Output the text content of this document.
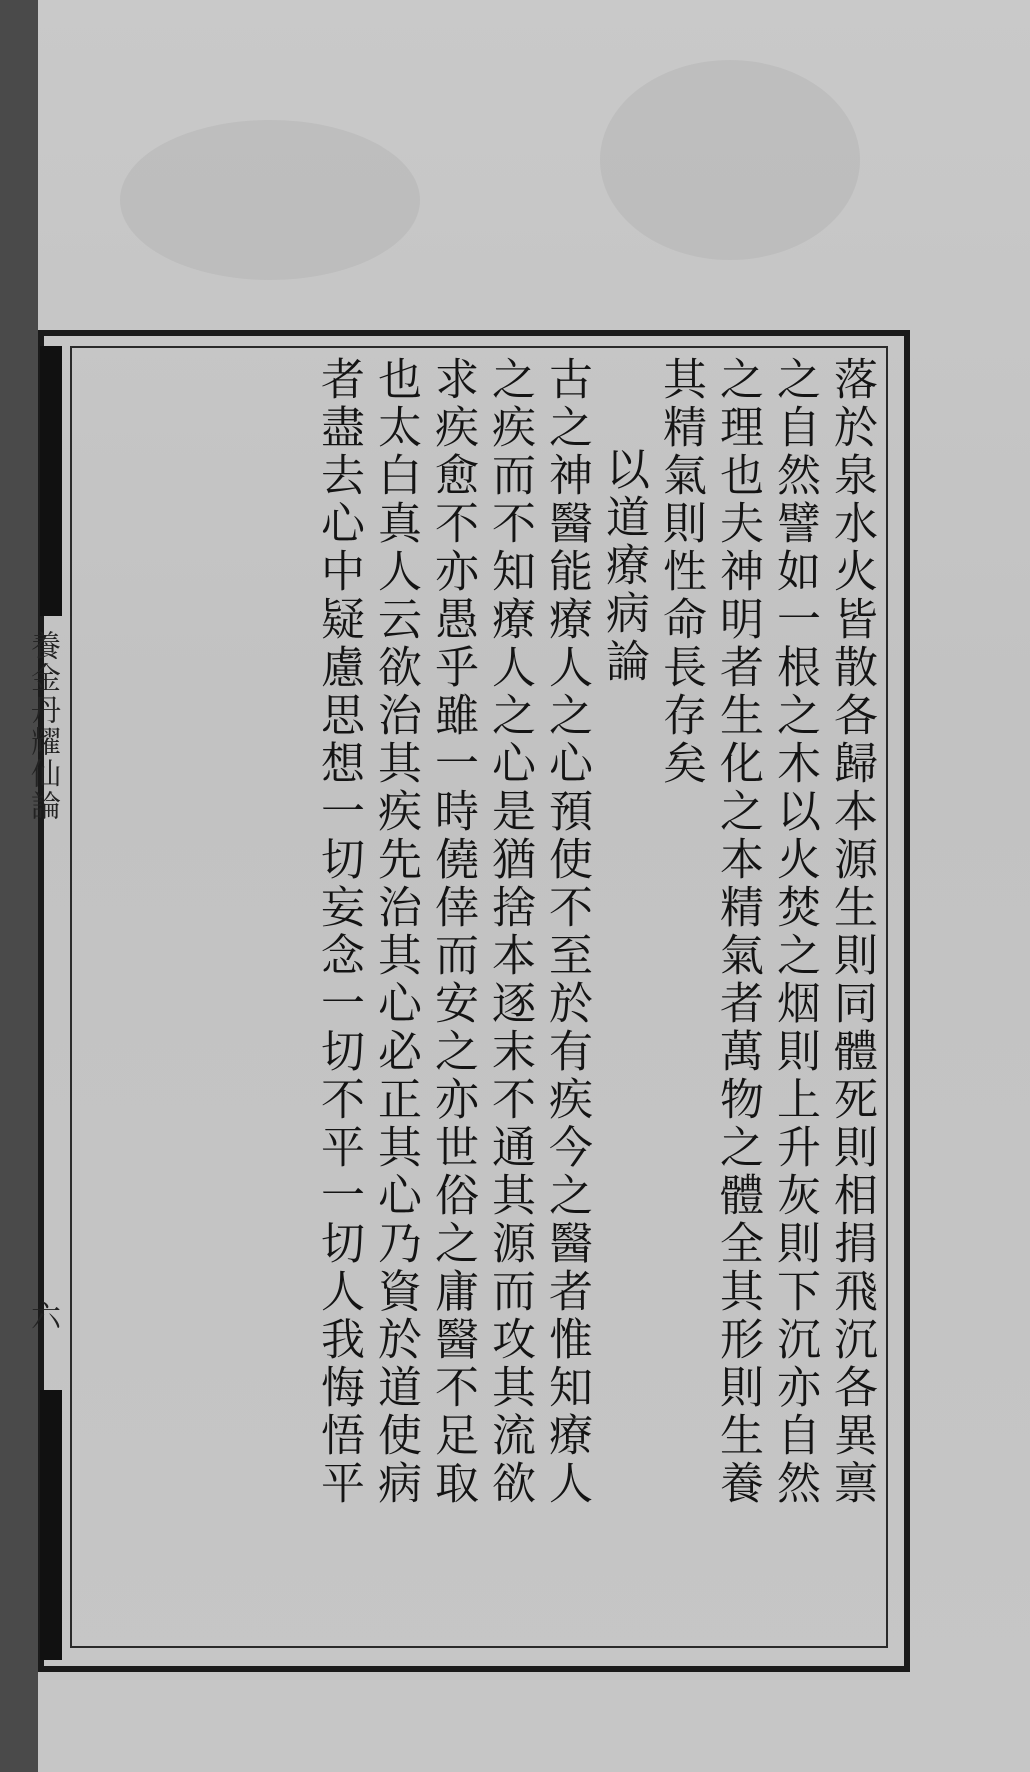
養金丹耀仙論
六	落於泉水火皆散各歸本源生則同體死則相捐飛沉各異禀
之自然譬如一根之木以火焚之烟則上升灰則下沉亦自然
之理也夫神明者生化之本精氣者萬物之體全其形則生養
其精氣則性命長存矣
以道療病論
古之神醫能療人之心預使不至於有疾今之醫者惟知療人
之疾而不知療人之心是猶捨本逐末不通其源而攻其流欲
求疾愈不亦愚乎雖一時僥倖而安之亦世俗之庸醫不足取
也太白真人云欲治其疾先治其心必正其心乃資於道使病
者盡去心中疑慮思想一切妄念一切不平一切人我悔悟平
